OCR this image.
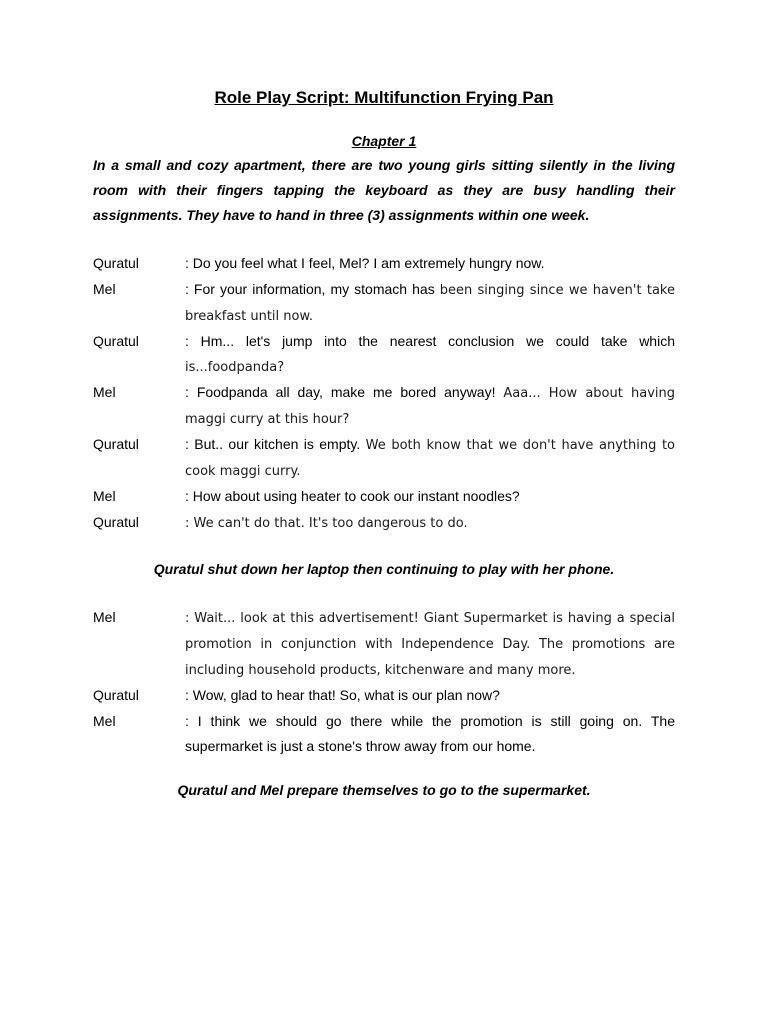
Role Play Script: Multifunction Frying Pan
Chapter 1

In a small and cozy apartment, there are two young girls sitting silently in the living room with their fingers tapping the keyboard as they are busy handling their assignments. They have to hand in three (3) assignments within one week.

Quratul	: Do you feel what I feel, Mel? I am extremely hungry now.
Mel	: For your information, my stomach has been singing since we haven't take breakfast until now.
Quratul	: Hm... let's jump into the nearest conclusion we could take which is...foodpanda?
Mel	: Foodpanda all day, make me bored anyway! Aaa... How about having maggi curry at this hour?
Quratul	: But.. our kitchen is empty. We both know that we don't have anything to cook maggi curry.
Mel	: How about using heater to cook our instant noodles?
Quratul	: We can't do that. It's too dangerous to do.

Quratul shut down her laptop then continuing to play with her phone.

Mel	: Wait... look at this advertisement! Giant Supermarket is having a special promotion in conjunction with Independence Day. The promotions are including household products, kitchenware and many more.
Quratul	: Wow, glad to hear that! So, what is our plan now?
Mel	: I think we should go there while the promotion is still going on. The supermarket is just a stone's throw away from our home.

Quratul and Mel prepare themselves to go to the supermarket.
